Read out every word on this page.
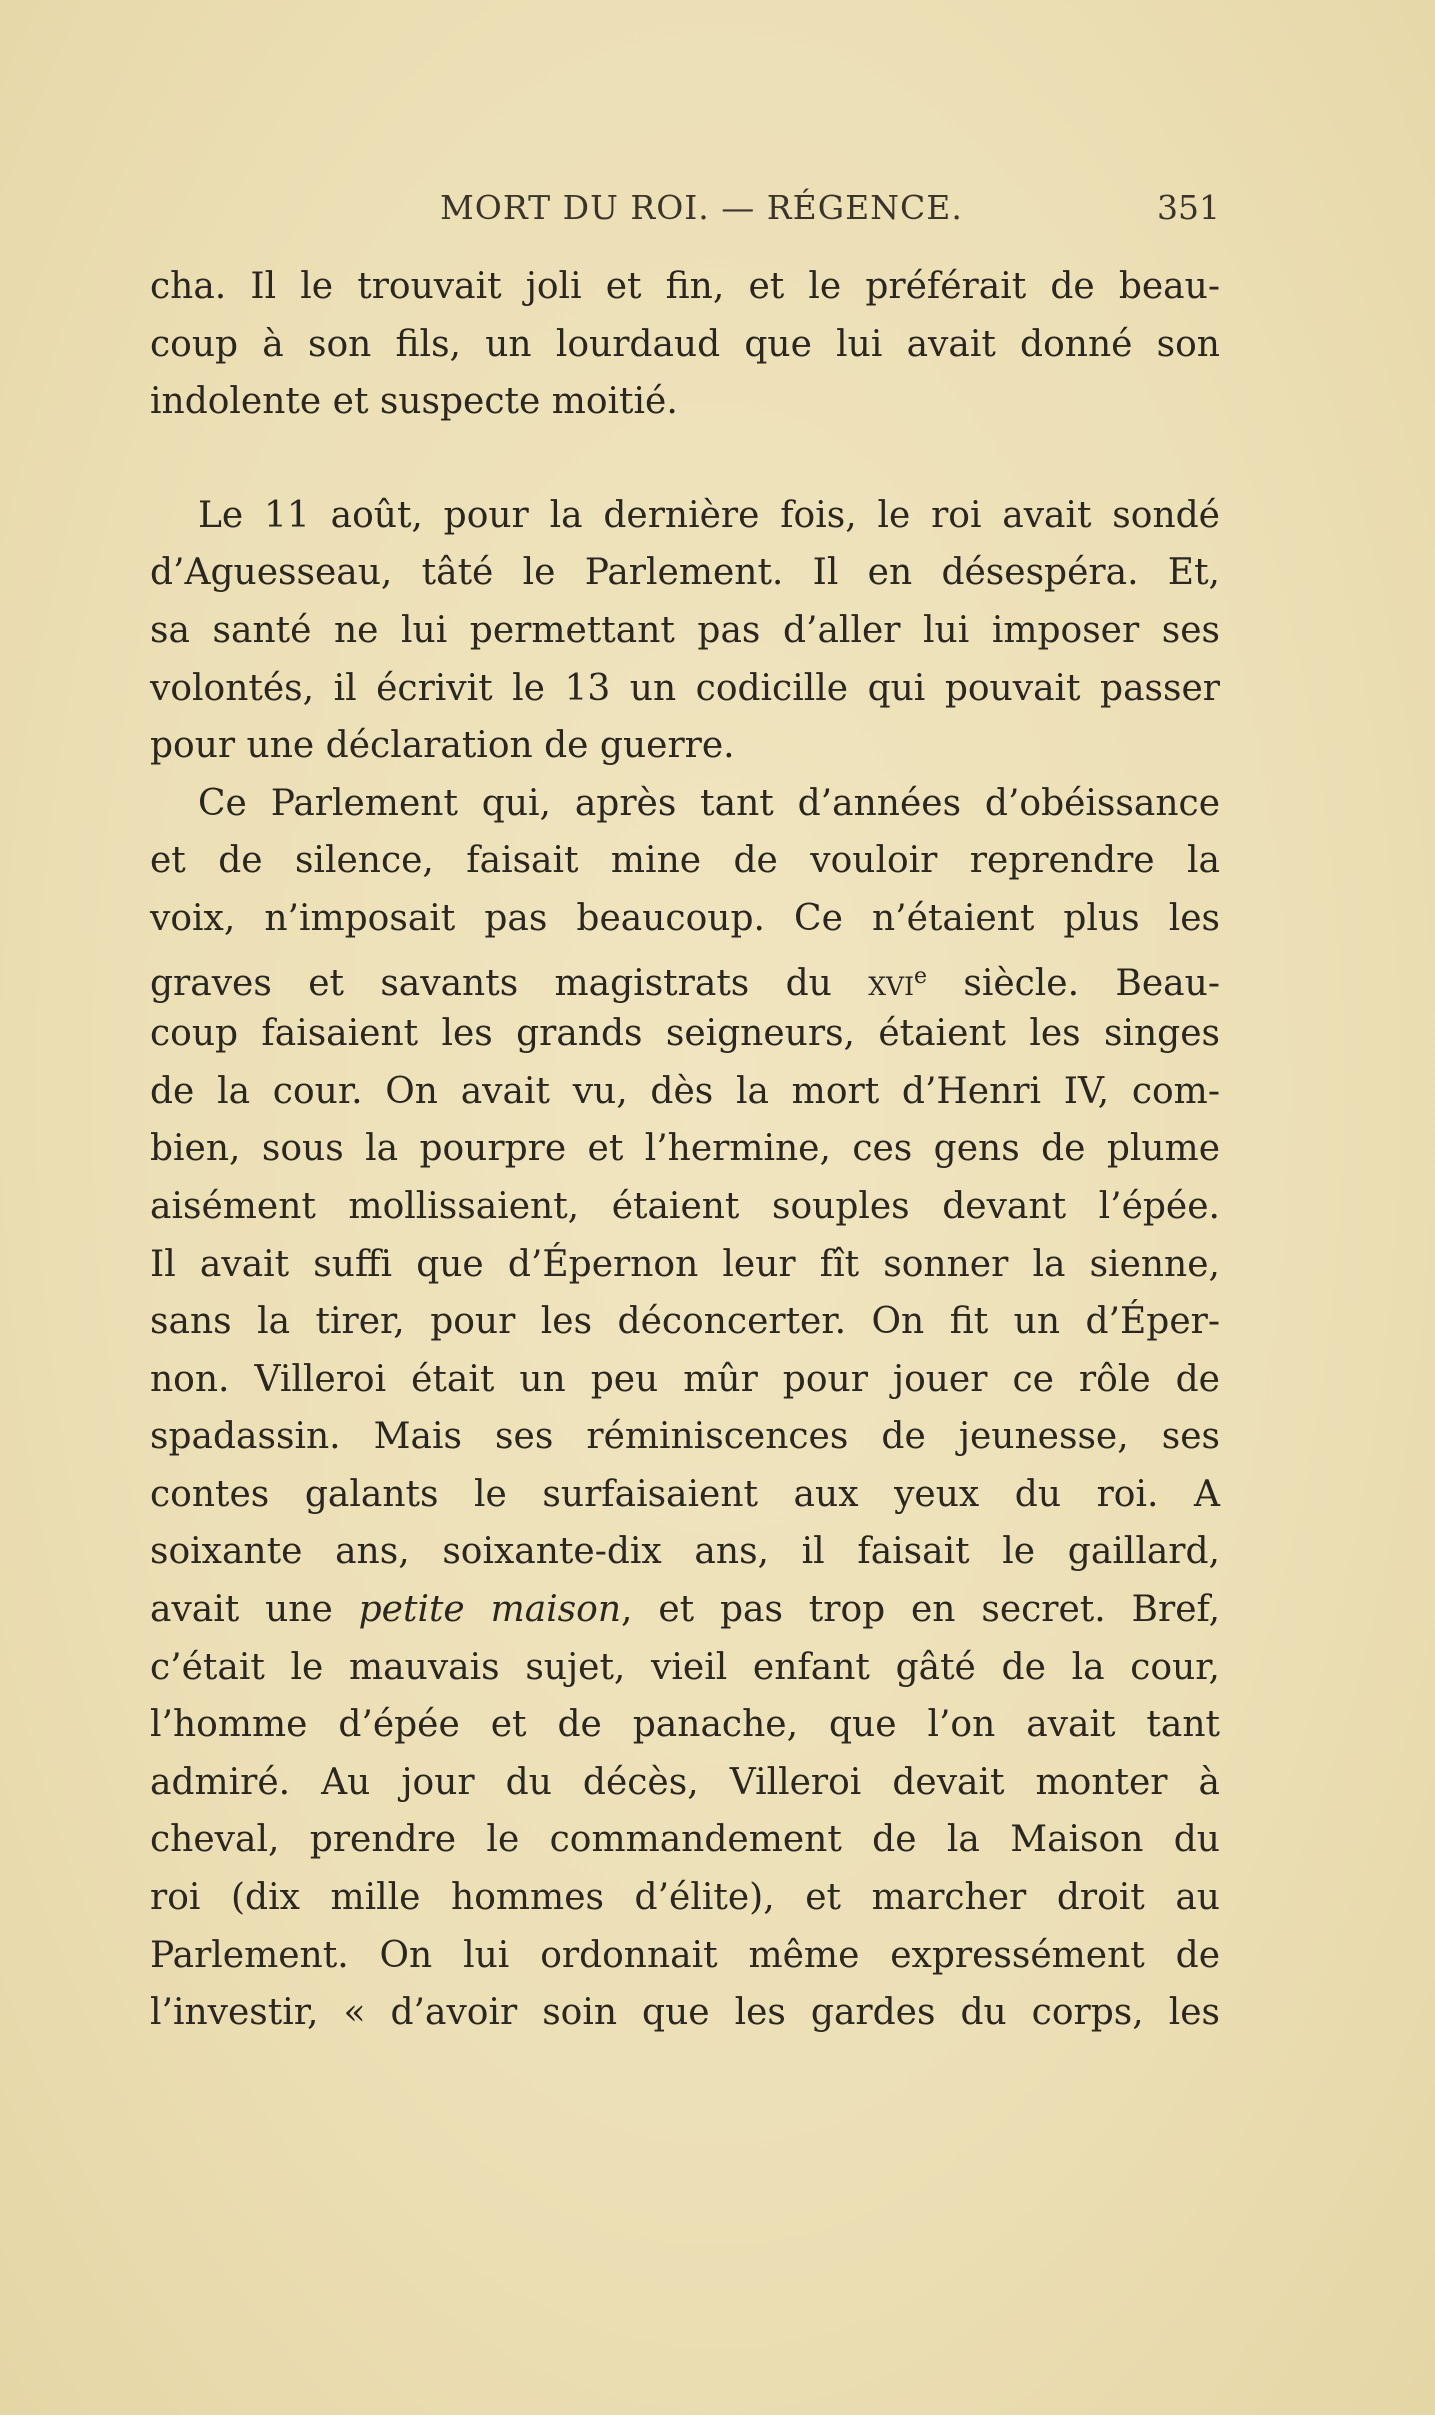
MORT DU ROI. — RÉGENCE.	351
cha. Il le trouvait joli et fin, et le préférait de beau-
coup à son fils, un lourdaud que lui avait donné son
indolente et suspecte moitié.
Le 11 août, pour la dernière fois, le roi avait sondé
d’Aguesseau, tâté le Parlement. Il en désespéra. Et,
sa santé ne lui permettant pas d’aller lui imposer ses
volontés, il écrivit le 13 un codicille qui pouvait passer
pour une déclaration de guerre.
Ce Parlement qui, après tant d’années d’obéissance
et de silence, faisait mine de vouloir reprendre la
voix, n’imposait pas beaucoup. Ce n’étaient plus les
graves et savants magistrats du xvi$^e$ siècle. Beau-
coup faisaient les grands seigneurs, étaient les singes
de la cour. On avait vu, dès la mort d’Henri IV, com-
bien, sous la pourpre et l’hermine, ces gens de plume
aisément mollissaient, étaient souples devant l’épée.
Il avait suffi que d’Épernon leur fît sonner la sienne,
sans la tirer, pour les déconcerter. On fit un d’Éper-
non. Villeroi était un peu mûr pour jouer ce rôle de
spadassin. Mais ses réminiscences de jeunesse, ses
contes galants le surfaisaient aux yeux du roi. A
soixante ans, soixante-dix ans, il faisait le gaillard,
avait une petite maison, et pas trop en secret. Bref,
c’était le mauvais sujet, vieil enfant gâté de la cour,
l’homme d’épée et de panache, que l’on avait tant
admiré. Au jour du décès, Villeroi devait monter à
cheval, prendre le commandement de la Maison du
roi (dix mille hommes d’élite), et marcher droit au
Parlement. On lui ordonnait même expressément de
l’investir, « d’avoir soin que les gardes du corps, les
